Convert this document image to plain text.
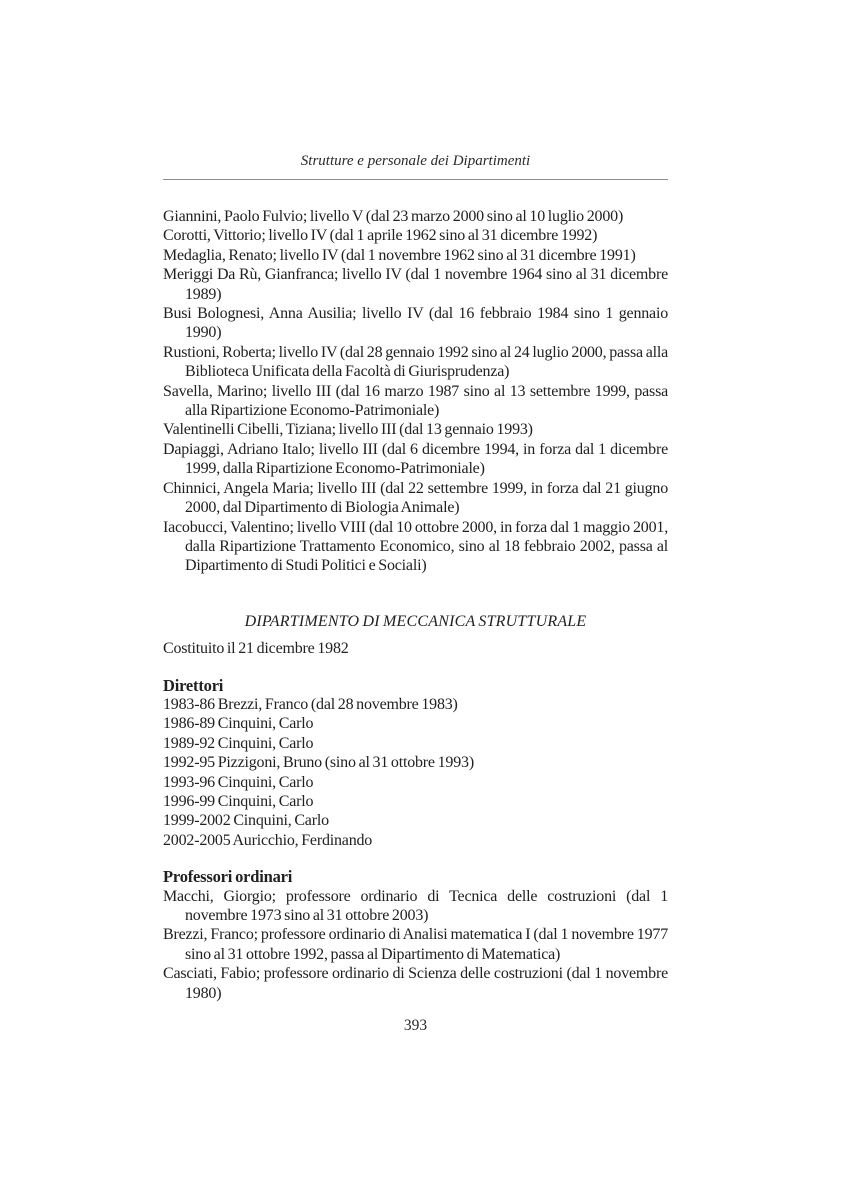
Strutture e personale dei Dipartimenti

Giannini, Paolo Fulvio; livello V (dal 23 marzo 2000 sino al 10 luglio 2000)

Corotti, Vittorio; livello IV (dal 1 aprile 1962 sino al 31 dicembre 1992)

Medaglia, Renato; livello IV (dal 1 novembre 1962 sino al 31 dicembre 1991)

Meriggi Da Rù, Gianfranca; livello IV (dal 1 novembre 1964 sino al 31 dicembre 1989)

Busi Bolognesi, Anna Ausilia; livello IV (dal 16 febbraio 1984 sino 1 gennaio 1990)

Rustioni, Roberta; livello IV (dal 28 gennaio 1992 sino al 24 luglio 2000, passa alla Biblioteca Unificata della Facoltà di Giurisprudenza)

Savella, Marino; livello III (dal 16 marzo 1987 sino al 13 settembre 1999, passa alla Ripartizione Economo-Patrimoniale)

Valentinelli Cibelli, Tiziana; livello III (dal 13 gennaio 1993)

Dapiaggi, Adriano Italo; livello III (dal 6 dicembre 1994, in forza dal 1 dicembre 1999, dalla Ripartizione Economo-Patrimoniale)

Chinnici, Angela Maria; livello III (dal 22 settembre 1999, in forza dal 21 giugno 2000, dal Dipartimento di Biologia Animale)

Iacobucci, Valentino; livello VIII (dal 10 ottobre 2000, in forza dal 1 maggio 2001, dalla Ripartizione Trattamento Economico, sino al 18 febbraio 2002, passa al Dipartimento di Studi Politici e Sociali)

DIPARTIMENTO DI MECCANICA STRUTTURALE

Costituito il 21 dicembre 1982

Direttori

1983-86 Brezzi, Franco (dal 28 novembre 1983)

1986-89 Cinquini, Carlo

1989-92 Cinquini, Carlo

1992-95 Pizzigoni, Bruno (sino al 31 ottobre 1993)

1993-96 Cinquini, Carlo

1996-99 Cinquini, Carlo

1999-2002 Cinquini, Carlo

2002-2005 Auricchio, Ferdinando

Professori ordinari

Macchi, Giorgio; professore ordinario di Tecnica delle costruzioni (dal 1 novembre 1973 sino al 31 ottobre 2003)

Brezzi, Franco; professore ordinario di Analisi matematica I (dal 1 novembre 1977 sino al 31 ottobre 1992, passa al Dipartimento di Matematica)

Casciati, Fabio; professore ordinario di Scienza delle costruzioni (dal 1 novembre 1980)

393
